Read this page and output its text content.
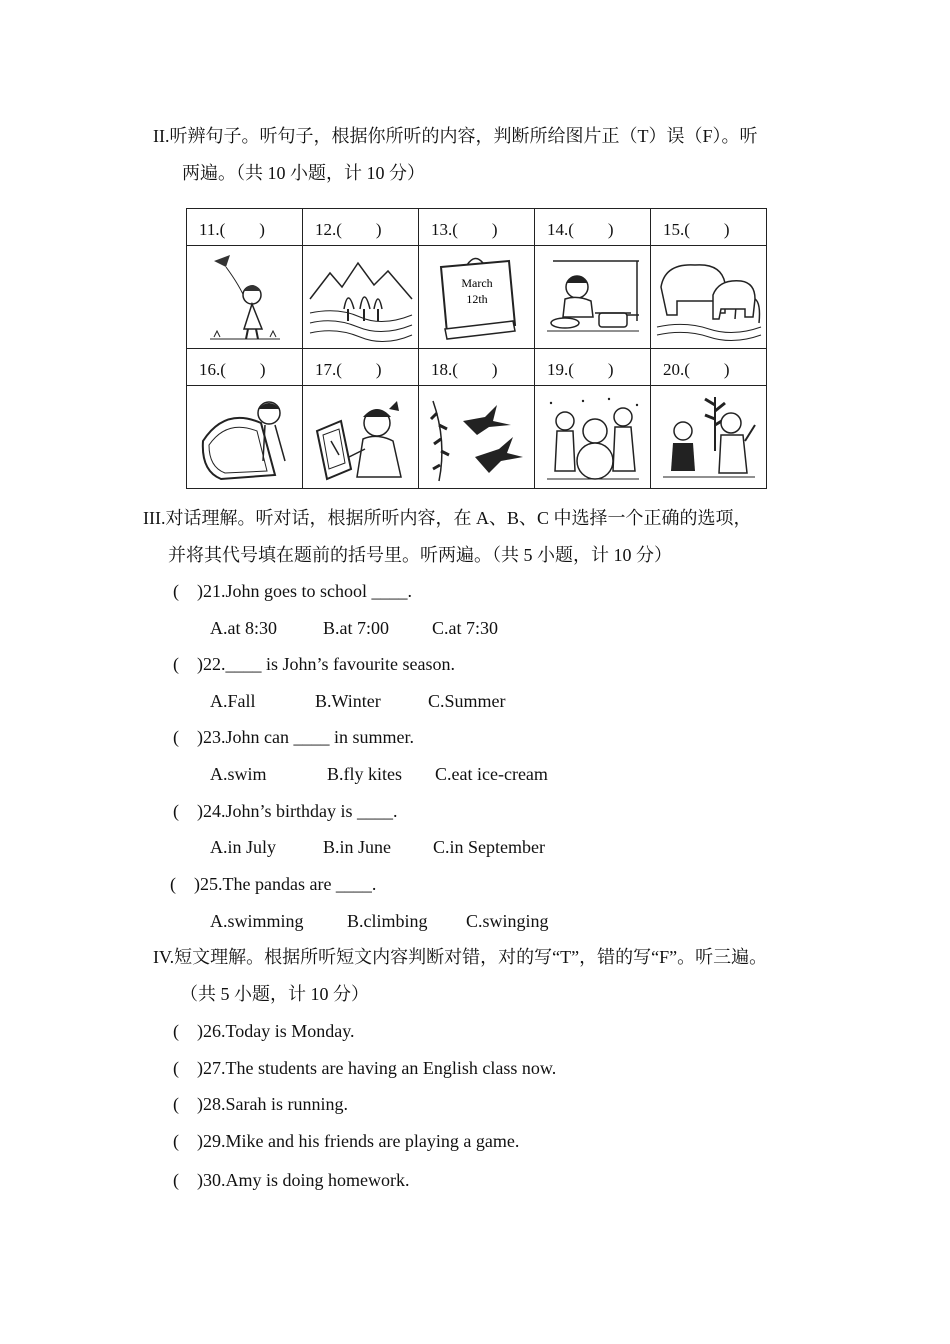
II.听辨句子。听句子，根据你所听的内容，判断所给图片正（T）误（F）。听
两遍。（共 10 小题，计 10 分）
11.(　　)	12.(　　)	13.(　　)	14.(　　)	15.(　　)

March
12th

16.(　　)	17.(　　)	18.(　　)	19.(　　)	20.(　　)

III.对话理解。听对话，根据所听内容，在 A、B、C 中选择一个正确的选项，
并将其代号填在题前的括号里。听两遍。（共 5 小题，计 10 分）
(　)21.John goes to school ____.
A.at 8:30	B.at 7:00 C.at 7:30
(　)22.____ is John’s favourite season.
A.Fall	B.Winter	C.Summer
(　)23.John can ____ in summer.
A.swim	B.fly kites C.eat ice-cream
(　)24.John’s birthday is ____.
A.in July	B.in June C.in September
(　)25.The pandas are ____.
A.swimming B.climbing C.swinging
IV.短文理解。根据所听短文内容判断对错，对的写“T”，错的写“F”。听三遍。
（共 5 小题，计 10 分）
(　)26.Today is Monday.
(　)27.The students are having an English class now.
(　)28.Sarah is running.
(　)29.Mike and his friends are playing a game.
(　)30.Amy is doing homework.
